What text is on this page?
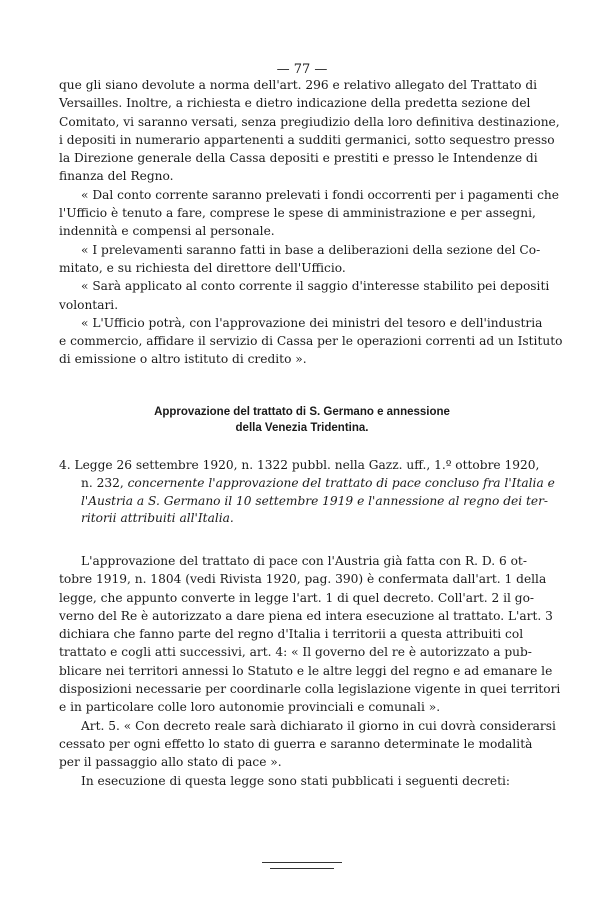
— 77 —
que gli siano devolute a norma dell'art. 296 e relativo allegato del Trattato di
Versailles. Inoltre, a richiesta e dietro indicazione della predetta sezione del
Comitato, vi saranno versati, senza pregiudizio della loro definitiva destinazione,
i depositi in numerario appartenenti a sudditi germanici, sotto sequestro presso
la Direzione generale della Cassa depositi e prestiti e presso le Intendenze di
finanza del Regno.
« Dal conto corrente saranno prelevati i fondi occorrenti per i pagamenti che
l'Ufficio è tenuto a fare, comprese le spese di amministrazione e per assegni,
indennità e compensi al personale.
« I prelevamenti saranno fatti in base a deliberazioni della sezione del Co-
mitato, e su richiesta del direttore dell'Ufficio.
« Sarà applicato al conto corrente il saggio d'interesse stabilito pei depositi
volontari.
« L'Ufficio potrà, con l'approvazione dei ministri del tesoro e dell'industria
e commercio, affidare il servizio di Cassa per le operazioni correnti ad un Istituto
di emissione o altro istituto di credito ».
Approvazione del trattato di S. Germano e annessione
della Venezia Tridentina.
4. Legge 26 settembre 1920, n. 1322 pubbl. nella Gazz. uff., 1.º ottobre 1920,
n. 232, concernente l'approvazione del trattato di pace concluso fra l'Italia e
l'Austria a S. Germano il 10 settembre 1919 e l'annessione al regno dei ter-
ritorii attribuiti all'Italia.
L'approvazione del trattato di pace con l'Austria già fatta con R. D. 6 ot-
tobre 1919, n. 1804 (vedi Rivista 1920, pag. 390) è confermata dall'art. 1 della
legge, che appunto converte in legge l'art. 1 di quel decreto. Coll'art. 2 il go-
verno del Re è autorizzato a dare piena ed intera esecuzione al trattato. L'art. 3
dichiara che fanno parte del regno d'Italia i territorii a questa attribuiti col
trattato e cogli atti successivi, art. 4: « Il governo del re è autorizzato a pub-
blicare nei territori annessi lo Statuto e le altre leggi del regno e ad emanare le
disposizioni necessarie per coordinarle colla legislazione vigente in quei territori
e in particolare colle loro autonomie provinciali e comunali ».
Art. 5. « Con decreto reale sarà dichiarato il giorno in cui dovrà considerarsi
cessato per ogni effetto lo stato di guerra e saranno determinate le modalità
per il passaggio allo stato di pace ».
In esecuzione di questa legge sono stati pubblicati i seguenti decreti:
